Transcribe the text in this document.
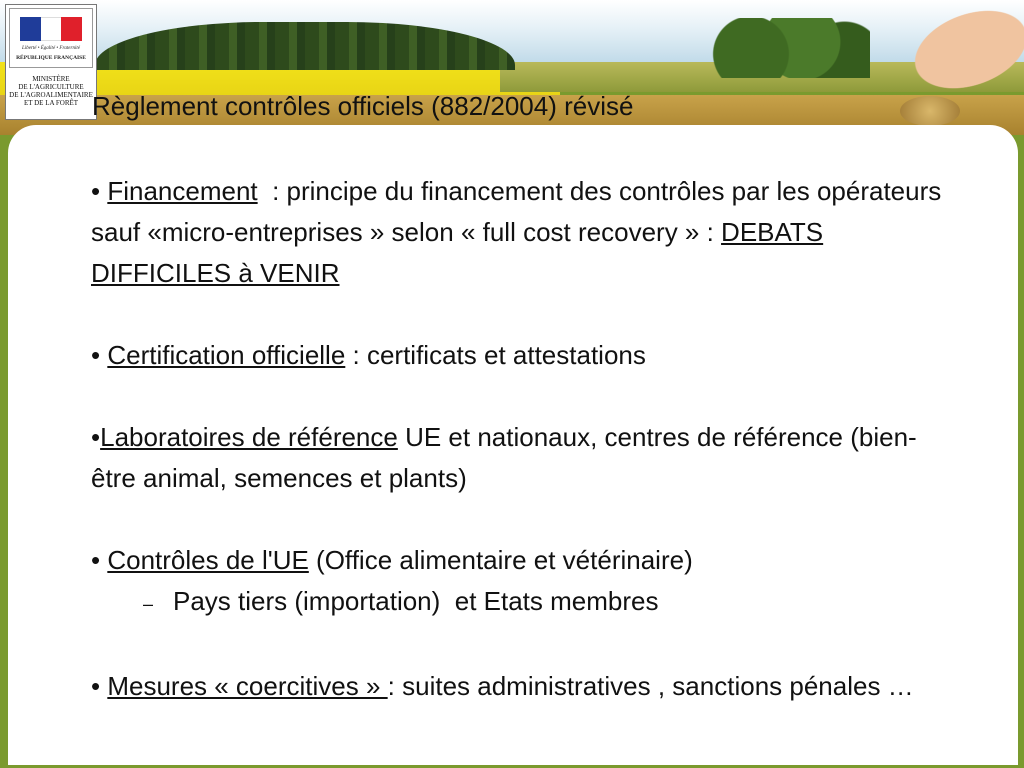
Liberté • Égalité • Fraternité
RÉPUBLIQUE FRANÇAISE
MINISTÈRE
DE L'AGRICULTURE
DE L'AGROALIMENTAIRE
ET DE LA FORÊT Règlement contrôles officiels (882/2004) révisé

• Financement  : principe du financement des contrôles par les opérateurs sauf «micro-entreprises » selon « full cost recovery » : DEBATS DIFFICILES à VENIR

• Certification officielle : certificats et attestations

•Laboratoires de référence UE et nationaux, centres de référence (bien-être animal, semences et plants)

• Contrôles de l'UE (Office alimentaire et vétérinaire)

– Pays tiers (importation)  et Etats membres

• Mesures « coercitives » : suites administratives , sanctions pénales …
